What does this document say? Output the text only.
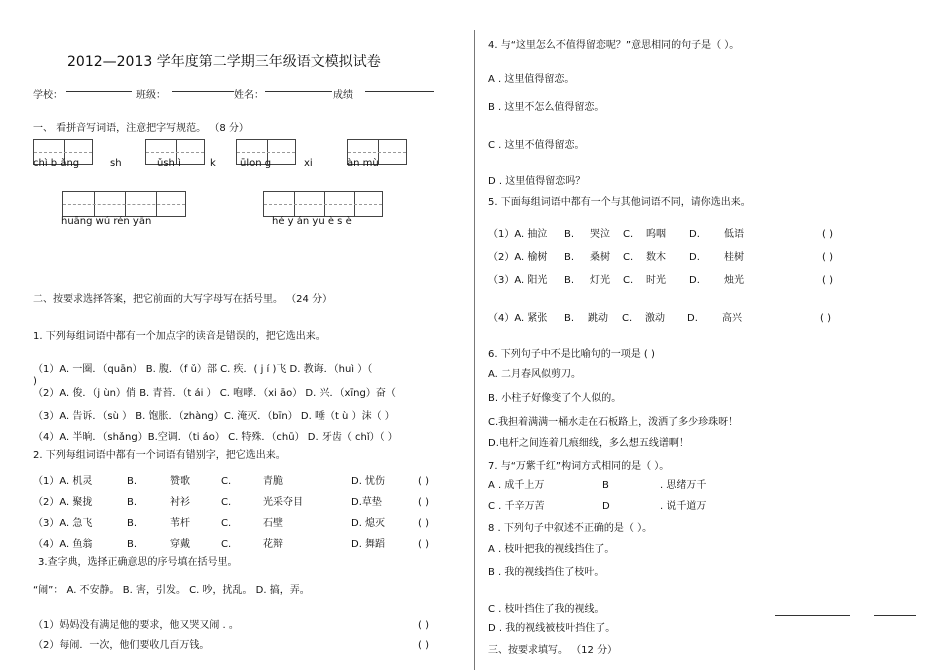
2012—2013 学年度第二学期三年级语文模拟试卷
学校：	班级：	姓名：	成绩
一、 看拼音写词语，注意把字写规范。 （8 分）
chì b ǎng	sh	ǔsh ì	k ūlon g	xi	àn mù
huāng wú rén yān	hé y án yu è s è
二、按要求选择答案，把它前面的大写字母写在括号里。 （24 分）
1. 下列每组词语中都有一个加点字的读音是错误的，把它选出来。
（1）A. 一圈．（quān） B. 腹．（f ǔ）部 C. 疾．( j í )飞 D. 教诲．（huì ）（
)
（2）A. 俊．（j ùn）俏 B. 青苔．（t ái ） C. 咆哮．（xi āo） D. 兴．（xīng）奋（
（3）A. 告诉．（sù ） B. 饱胀．（zhàng）C. 淹灭．（bīn） D. 唾（t ù ）沫（ ）
（4）A. 半晌．（shǎng）B.空调．（ti áo） C. 特殊．（chū） D. 牙齿（ chǐ）（ ）
2. 下列每组词语中都有一个词语有错别字，把它选出来。
（1）A. 机灵	B.	赞歌	C.	青脆	D. 忧伤	( )
（2）A. 聚拢	B.	衬衫	C.	光采夺目	D.草垫	( )
（3）A. 急飞	B.	苇杆	C.	石壁	D. 熄灭	( )
（4）A. 鱼翁	B.	穿戴	C.	花辩	D. 舞蹈	( )
3.查字典，选择正确意思的序号填在括号里。
“闹”： A. 不安静。 B. 害，引发。 C. 吵，扰乱。 D. 搞，弄。
（1）妈妈没有满足他的要求，他又哭又闹 . 。	( )
（2）每闹．一次，他们要收几百万钱。	( )
4. 与“这里怎么不值得留恋呢？”意思相同的句子是（ ）。
A . 这里值得留恋。
B . 这里不怎么值得留恋。
C . 这里不值得留恋。
D . 这里值得留恋吗？
5. 下面每组词语中都有一个与其他词语不同，请你选出来。
（1）A. 抽泣 B. 哭泣 C. 呜咽 D. 低语	( )
（2）A. 榆树 B. 桑树 C. 数木 D. 桂树	( )
（3）A. 阳光 B. 灯光 C. 时光 D. 烛光	( )
（4）A. 紧张 B. 跳动 C. 激动 D. 高兴	( )
6. 下列句子中不是比喻句的一项是 ( )
A. 二月春风似剪刀。
B. 小柱子好像变了个人似的。
C.我担着满满一桶水走在石板路上，泼洒了多少珍珠呀！
D.电杆之间连着几痕细线，多么想五线谱啊！
7. 与“万紫千红”构词方式相同的是（ ）。
A . 成千上万	B	. 思绪万千
C . 千辛万苦	D	. 说千道万
8 . 下列句子中叙述不正确的是（ ）。
A . 枝叶把我的视线挡住了。
B . 我的视线挡住了枝叶。
C . 枝叶挡住了我的视线。
D . 我的视线被枝叶挡住了。
三、按要求填写。 （12 分）
